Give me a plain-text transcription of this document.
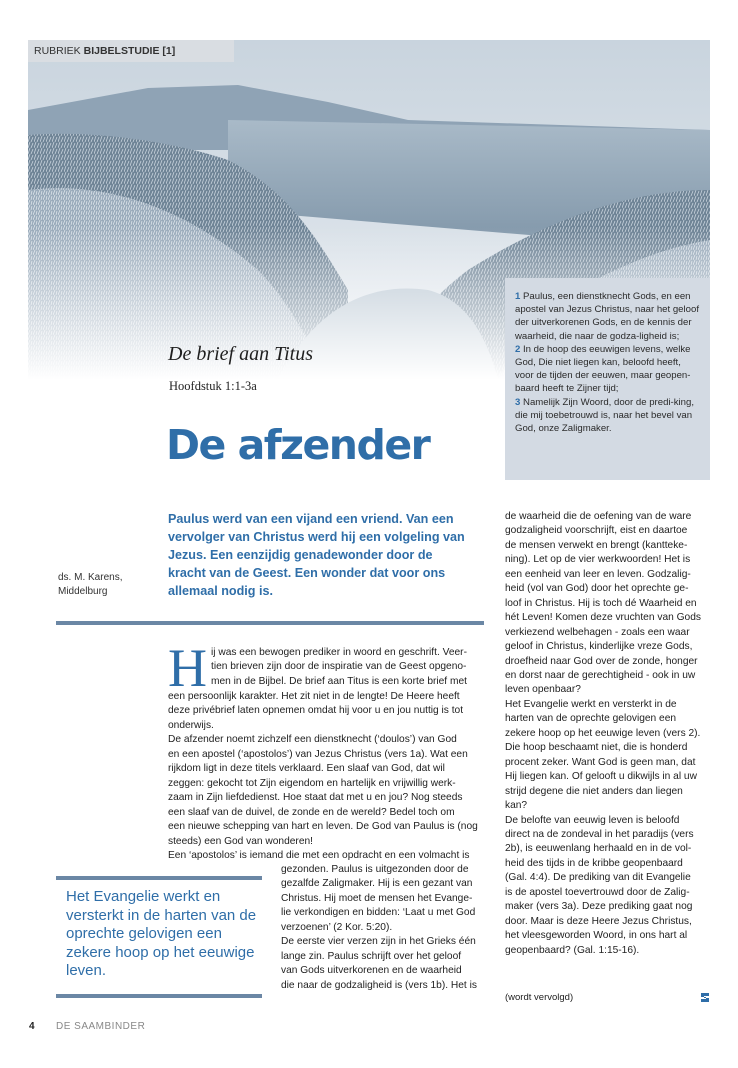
RUBRIEK BIJBELSTUDIE [1]
1 Paulus, een dienstknecht Gods, en een apostel van Jezus Christus, naar het geloof der uitverkorenen Gods, en de kennis der waarheid, die naar de godza-ligheid is;
2 In de hoop des eeuwigen levens, welke God, Die niet liegen kan, beloofd heeft, voor de tijden der eeuwen, maar geopen-baard heeft te Zijner tijd;
3 Namelijk Zijn Woord, door de predi-king, die mij toebetrouwd is, naar het bevel van God, onze Zaligmaker.
De brief aan Titus
Hoofdstuk 1:1-3a
De afzender
ds. M. Karens,
Middelburg
Paulus werd van een vijand een vriend. Van een vervolger van Christus werd hij een volgeling van Jezus. Een eenzijdig genadewonder door de kracht van de Geest. Een wonder dat voor ons allemaal nodig is.
H ij was een bewogen prediker in woord en geschrift. Veer-
tien brieven zijn door de inspiratie van de Geest opgeno-
men in de Bijbel. De brief aan Titus is een korte brief met
een persoonlijk karakter. Het zit niet in de lengte! De Heere heeft
deze privébrief laten opnemen omdat hij voor u en jou nuttig is tot
onderwijs.
De afzender noemt zichzelf een dienstknecht (‘doulos’) van God
en een apostel (‘apostolos’) van Jezus Christus (vers 1a). Wat een
rijkdom ligt in deze titels verklaard. Een slaaf van God, dat wil
zeggen: gekocht tot Zijn eigendom en hartelijk en vrijwillig werk-
zaam in Zijn liefdedienst. Hoe staat dat met u en jou? Nog steeds
een slaaf van de duivel, de zonde en de wereld? Bedel toch om
een nieuwe schepping van hart en leven. De God van Paulus is (nog
steeds) een God van wonderen!
Een ‘apostolos’ is iemand die met een opdracht en een volmacht is
gezonden. Paulus is uitgezonden door de
gezalfde Zaligmaker. Hij is een gezant van
Christus. Hij moet de mensen het Evange-
lie verkondigen en bidden: ‘Laat u met God
verzoenen’ (2 Kor. 5:20).
De eerste vier verzen zijn in het Grieks één
lange zin. Paulus schrijft over het geloof
van Gods uitverkorenen en de waarheid
die naar de godzaligheid is (vers 1b). Het is
Het Evangelie werkt en versterkt in de harten van de oprechte gelovigen een zekere hoop op het eeuwige leven.
de waarheid die de oefening van de ware
godzaligheid voorschrijft, eist en daartoe
de mensen verwekt en brengt (kantteke-
ning). Let op de vier werkwoorden! Het is
een eenheid van leer en leven. Godzalig-
heid (vol van God) door het oprechte ge-
loof in Christus. Hij is toch dé Waarheid en
hét Leven! Komen deze vruchten van Gods
verkiezend welbehagen - zoals een waar
geloof in Christus, kinderlijke vreze Gods,
droefheid naar God over de zonde, honger
en dorst naar de gerechtigheid - ook in uw
leven openbaar?
Het Evangelie werkt en versterkt in de
harten van de oprechte gelovigen een
zekere hoop op het eeuwige leven (vers 2).
Die hoop beschaamt niet, die is honderd
procent zeker. Want God is geen man, dat
Hij liegen kan. Of gelooft u dikwijls in al uw
strijd degene die niet anders dan liegen
kan?
De belofte van eeuwig leven is beloofd
direct na de zondeval in het paradijs (vers
2b), is eeuwenlang herhaald en in de vol-
heid des tijds in de kribbe geopenbaard
(Gal. 4:4). De prediking van dit Evangelie
is de apostel toevertrouwd door de Zalig-
maker (vers 3a). Deze prediking gaat nog
door. Maar is deze Heere Jezus Christus,
het vleesgeworden Woord, in ons hart al
geopenbaard? (Gal. 1:15-16).
(wordt vervolgd)
4 DE SAAMBINDER
